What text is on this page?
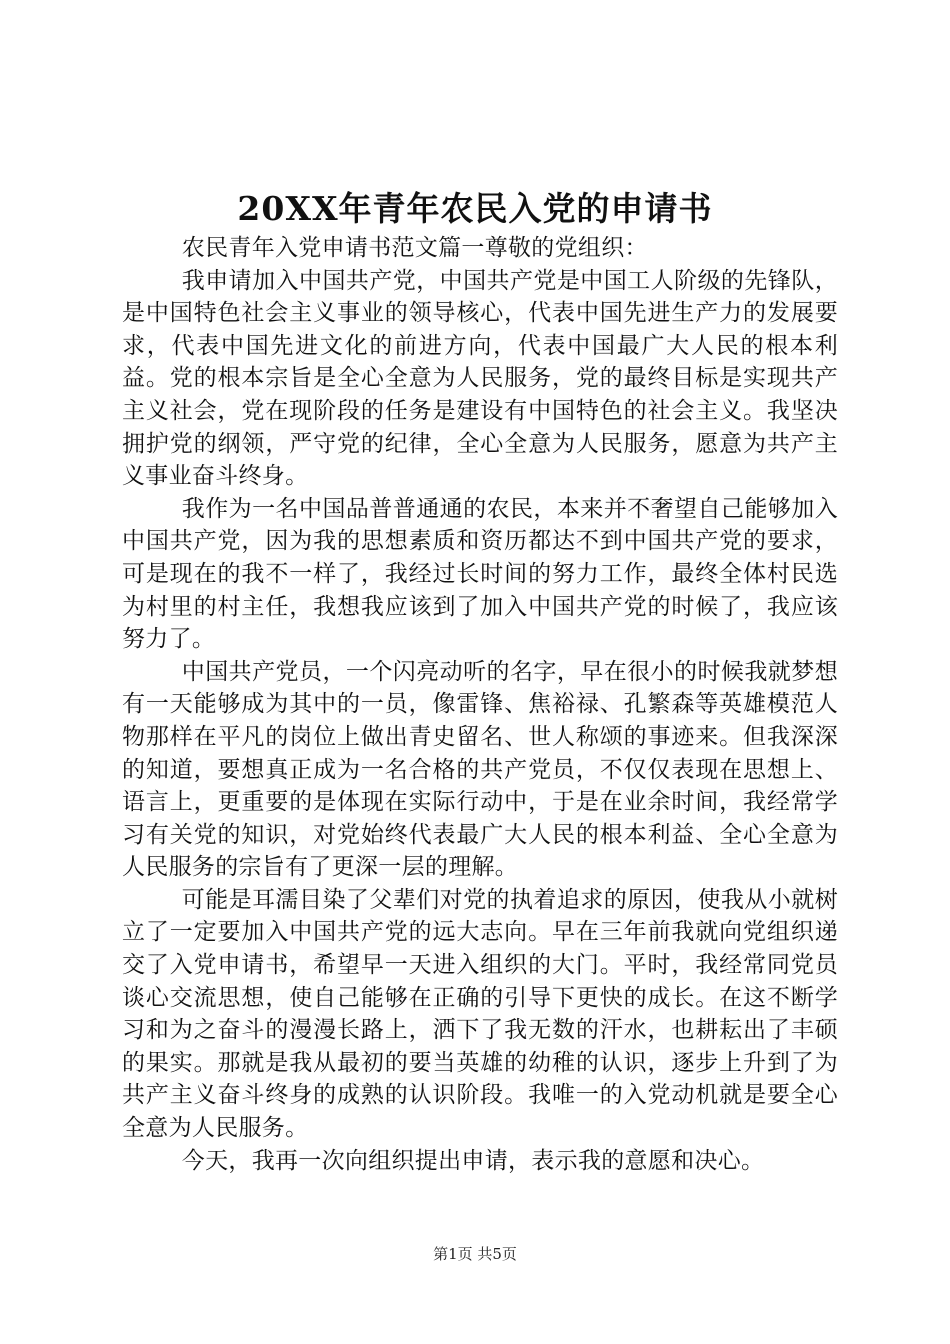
20XX年青年农民入党的申请书

农民青年入党申请书范文篇一尊敬的党组织：

我申请加入中国共产党，中国共产党是中国工人阶级的先锋队，是中国特色社会主义事业的领导核心，代表中国先进生产力的发展要求，代表中国先进文化的前进方向，代表中国最广大人民的根本利益。党的根本宗旨是全心全意为人民服务，党的最终目标是实现共产主义社会，党在现阶段的任务是建设有中国特色的社会主义。我坚决拥护党的纲领，严守党的纪律，全心全意为人民服务，愿意为共产主义事业奋斗终身。

我作为一名中国品普普通通的农民，本来并不奢望自己能够加入中国共产党，因为我的思想素质和资历都达不到中国共产党的要求，可是现在的我不一样了，我经过长时间的努力工作，最终全体村民选为村里的村主任，我想我应该到了加入中国共产党的时候了，我应该努力了。

中国共产党员，一个闪亮动听的名字，早在很小的时候我就梦想有一天能够成为其中的一员，像雷锋、焦裕禄、孔繁森等英雄模范人物那样在平凡的岗位上做出青史留名、世人称颂的事迹来。但我深深的知道，要想真正成为一名合格的共产党员，不仅仅表现在思想上、语言上，更重要的是体现在实际行动中，于是在业余时间，我经常学习有关党的知识，对党始终代表最广大人民的根本利益、全心全意为人民服务的宗旨有了更深一层的理解。

可能是耳濡目染了父辈们对党的执着追求的原因，使我从小就树立了一定要加入中国共产党的远大志向。早在三年前我就向党组织递交了入党申请书，希望早一天进入组织的大门。平时，我经常同党员谈心交流思想，使自己能够在正确的引导下更快的成长。在这不断学习和为之奋斗的漫漫长路上，洒下了我无数的汗水，也耕耘出了丰硕的果实。那就是我从最初的要当英雄的幼稚的认识，逐步上升到了为共产主义奋斗终身的成熟的认识阶段。我唯一的入党动机就是要全心全意为人民服务。

今天，我再一次向组织提出申请，表示我的意愿和决心。

第1页 共5页
